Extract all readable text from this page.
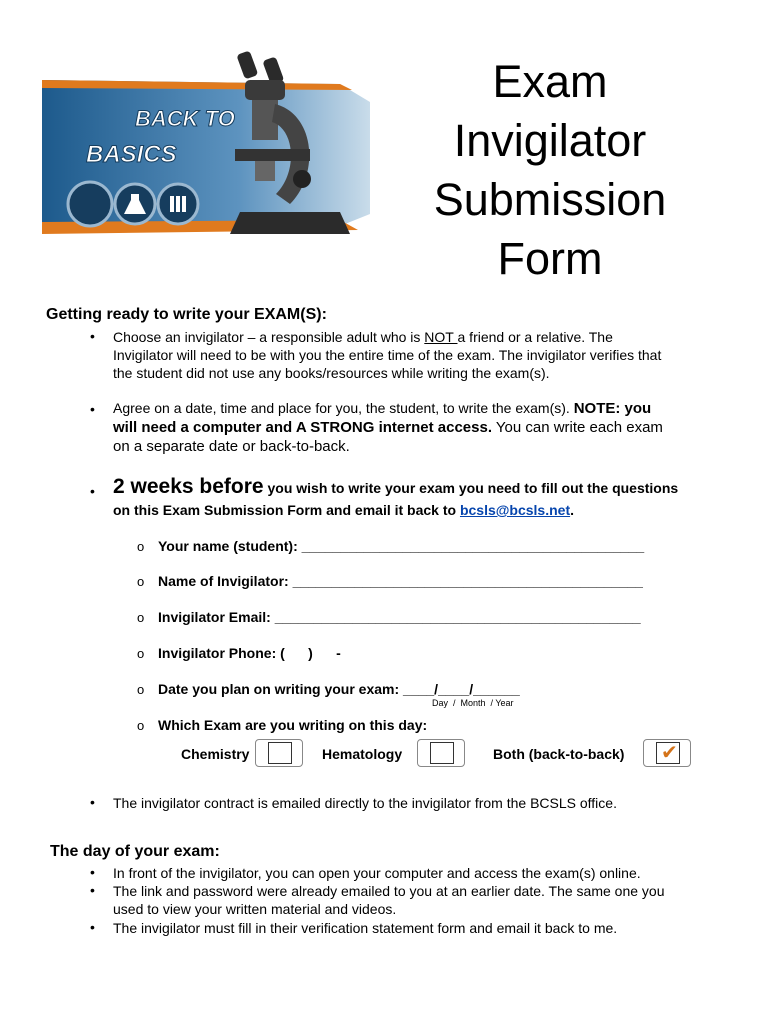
BACK TO
BASICS
Exam
Invigilator
Submission
Form
Getting ready to write your EXAM(S):
• Choose an invigilator – a responsible adult who is NOT a friend or a relative. The
Invigilator will need to be with you the entire time of the exam. The invigilator verifies that
the student did not use any books/resources while writing the exam(s).
• Agree on a date, time and place for you, the student, to write the exam(s). NOTE: you
will need a computer and A STRONG internet access. You can write each exam
on a separate date or back-to-back.
• 2 weeks before you wish to write your exam you need to fill out the questions
on this Exam Submission Form and email it back to bcsls@bcsls.net.
o Your name (student): ____________________________________________
o Name of Invigilator: _____________________________________________
o Invigilator Email: _______________________________________________
o Invigilator Phone: (      )      -
o Date you plan on writing your exam: ____/____/______
Day  /  Month  / Year
o Which Exam are you writing on this day:
Chemistry	Hematology	Both (back-to-back) ✔
• The invigilator contract is emailed directly to the invigilator from the BCSLS office.
The day of your exam:
• In front of the invigilator, you can open your computer and access the exam(s) online.
• The link and password were already emailed to you at an earlier date. The same one you
used to view your written material and videos.
• The invigilator must fill in their verification statement form and email it back to me.
